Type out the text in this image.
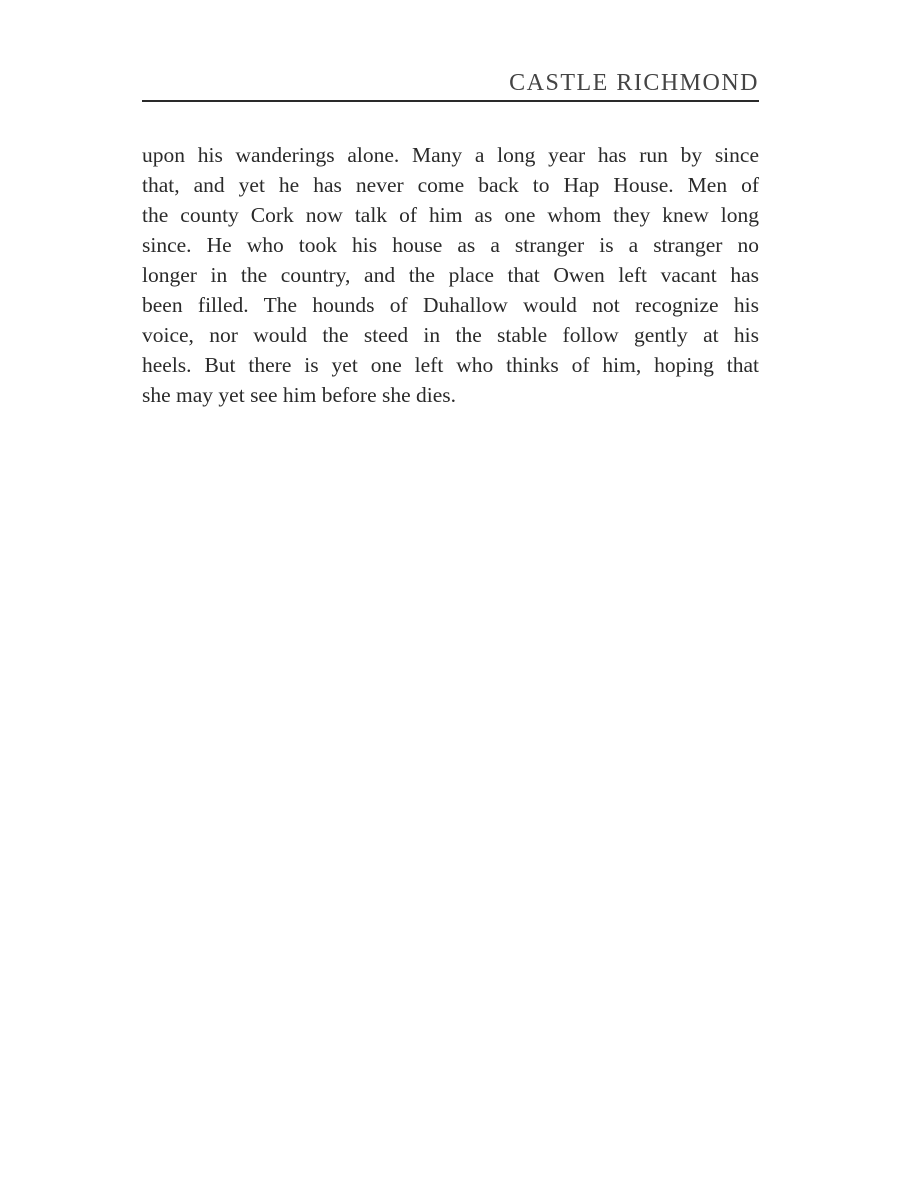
CASTLE RICHMOND
upon his wanderings alone. Many a long year has run by since
that, and yet he has never come back to Hap House. Men of
the county Cork now talk of him as one whom they knew long
since. He who took his house as a stranger is a stranger no
longer in the country, and the place that Owen left vacant has
been filled. The hounds of Duhallow would not recognize his
voice, nor would the steed in the stable follow gently at his
heels. But there is yet one left who thinks of him, hoping that
she may yet see him before she dies.
